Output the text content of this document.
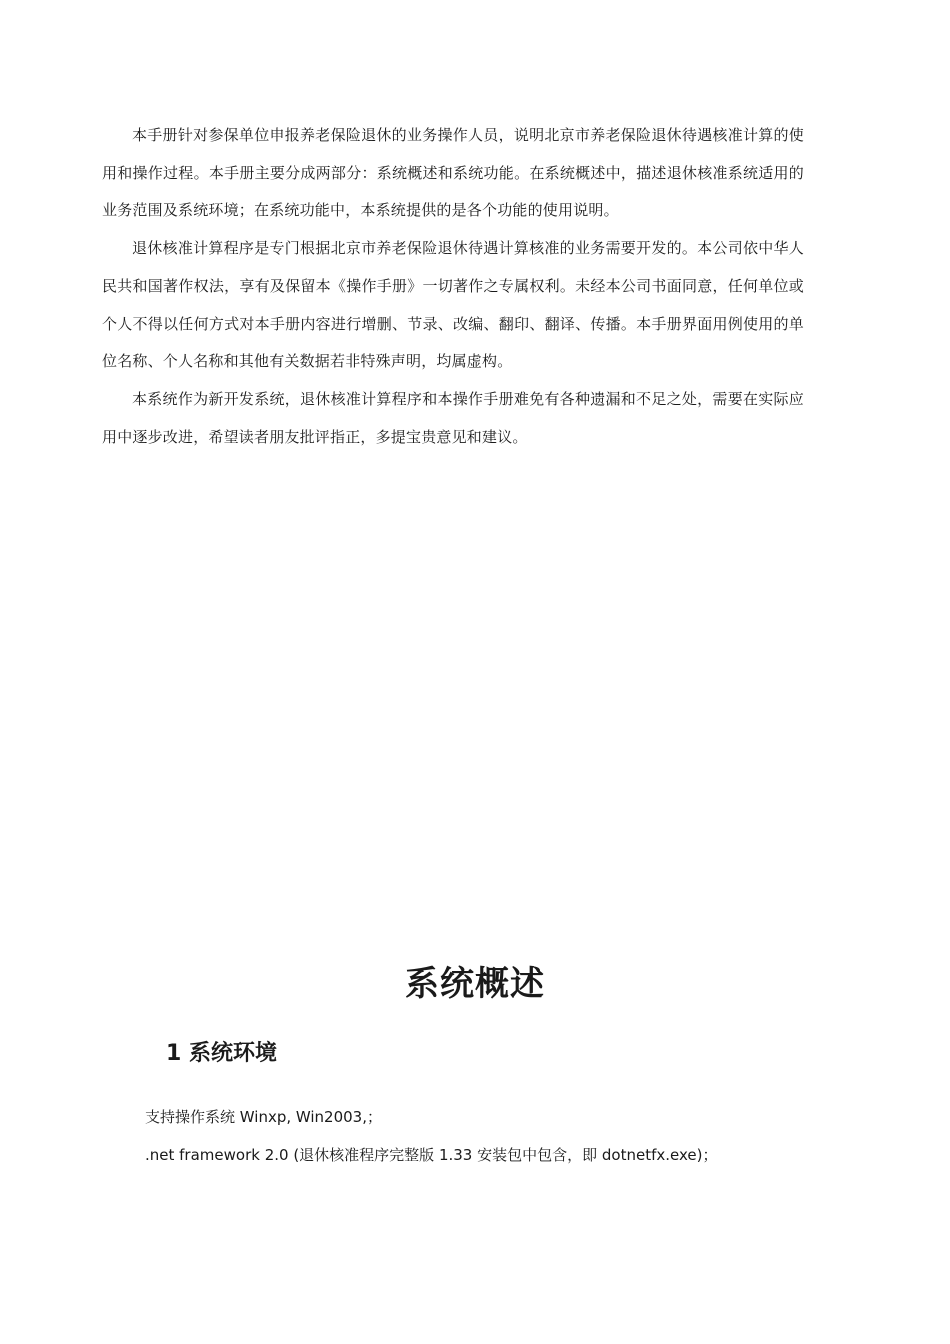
本手册针对参保单位申报养老保险退休的业务操作人员，说明北京市养老保险退休待遇核准计算的使用和操作过程。本手册主要分成两部分：系统概述和系统功能。在系统概述中，描述退休核准系统适用的业务范围及系统环境；在系统功能中，本系统提供的是各个功能的使用说明。

退休核准计算程序是专门根据北京市养老保险退休待遇计算核准的业务需要开发的。本公司依中华人民共和国著作权法，享有及保留本《操作手册》一切著作之专属权利。未经本公司书面同意，任何单位或个人不得以任何方式对本手册内容进行增删、节录、改编、翻印、翻译、传播。本手册界面用例使用的单位名称、个人名称和其他有关数据若非特殊声明，均属虚构。

本系统作为新开发系统，退休核准计算程序和本操作手册难免有各种遗漏和不足之处，需要在实际应用中逐步改进，希望读者朋友批评指正，多提宝贵意见和建议。

系统概述
1 系统环境

支持操作系统 Winxp, Win2003,；

.net framework 2.0 (退休核准程序完整版 1.33 安装包中包含，即 dotnetfx.exe)；
